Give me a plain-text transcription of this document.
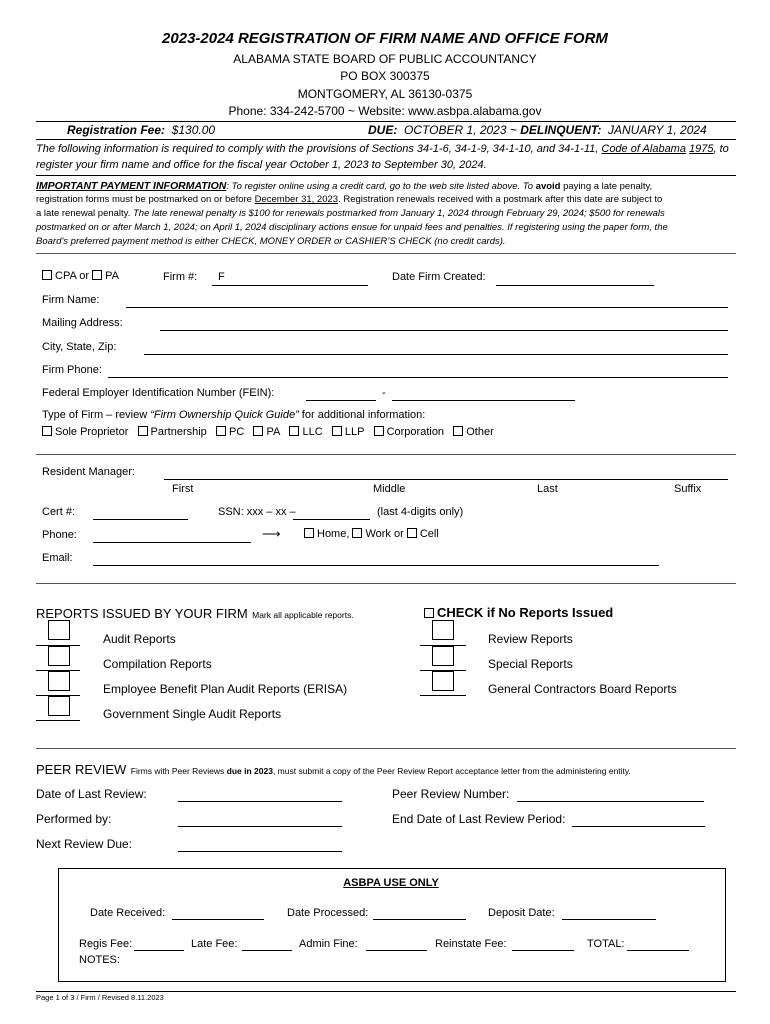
2023-2024 REGISTRATION OF FIRM NAME AND OFFICE FORM
ALABAMA STATE BOARD OF PUBLIC ACCOUNTANCY
PO BOX 300375
MONTGOMERY, AL 36130-0375
Phone: 334-242-5700 ~ Website: www.asbpa.alabama.gov
Registration Fee: $130.00	DUE: OCTOBER 1, 2023 ~ DELINQUENT: JANUARY 1, 2024
The following information is required to comply with the provisions of Sections 34-1-6, 34-1-9, 34-1-10, and 34-1-11, Code of Alabama 1975, to register your firm name and office for the fiscal year October 1, 2023 to September 30, 2024.
IMPORTANT PAYMENT INFORMATION: To register online using a credit card, go to the web site listed above. To avoid paying a late penalty,
registration forms must be postmarked on or before December 31, 2023. Registration renewals received with a postmark after this date are subject to
a late renewal penalty. The late renewal penalty is $100 for renewals postmarked from January 1, 2024 through February 29, 2024; $500 for renewals
postmarked on or after March 1, 2024; on April 1, 2024 disciplinary actions ensue for unpaid fees and penalties. If registering using the paper form, the
Board’s preferred payment method is either CHECK, MONEY ORDER or CASHIER’S CHECK (no credit cards).
CPA or PA	Firm #: F	Date Firm Created:
Firm Name:
Mailing Address:
City, State, Zip:
Firm Phone:
Federal Employer Identification Number (FEIN):	-
Type of Firm – review “Firm Ownership Quick Guide” for additional information:
Sole Proprietor Partnership PC PA LLC LLP Corporation Other
Resident Manager:
First	Middle	Last	Suffix
Cert #:	SSN: xxx – xx –	(last 4-digits only)
Phone:	⟶	Home, Work or Cell
Email:
REPORTS ISSUED BY YOUR FIRM Mark all applicable reports.	CHECK if No Reports Issued
Audit Reports
Compilation Reports
Employee Benefit Plan Audit Reports (ERISA)
Government Single Audit Reports
Review Reports
Special Reports
General Contractors Board Reports
PEER REVIEW Firms with Peer Reviews due in 2023, must submit a copy of the Peer Review Report acceptance letter from the administering entity.
Date of Last Review:
Performed by:
Next Review Due:
Peer Review Number:
End Date of Last Review Period:
ASBPA USE ONLY
Date Received:	Date Processed:	Deposit Date:
Regis Fee:	Late Fee:	Admin Fine:	Reinstate Fee:	TOTAL:
NOTES:
Page 1 of 3 / Firm / Revised 8.11.2023
